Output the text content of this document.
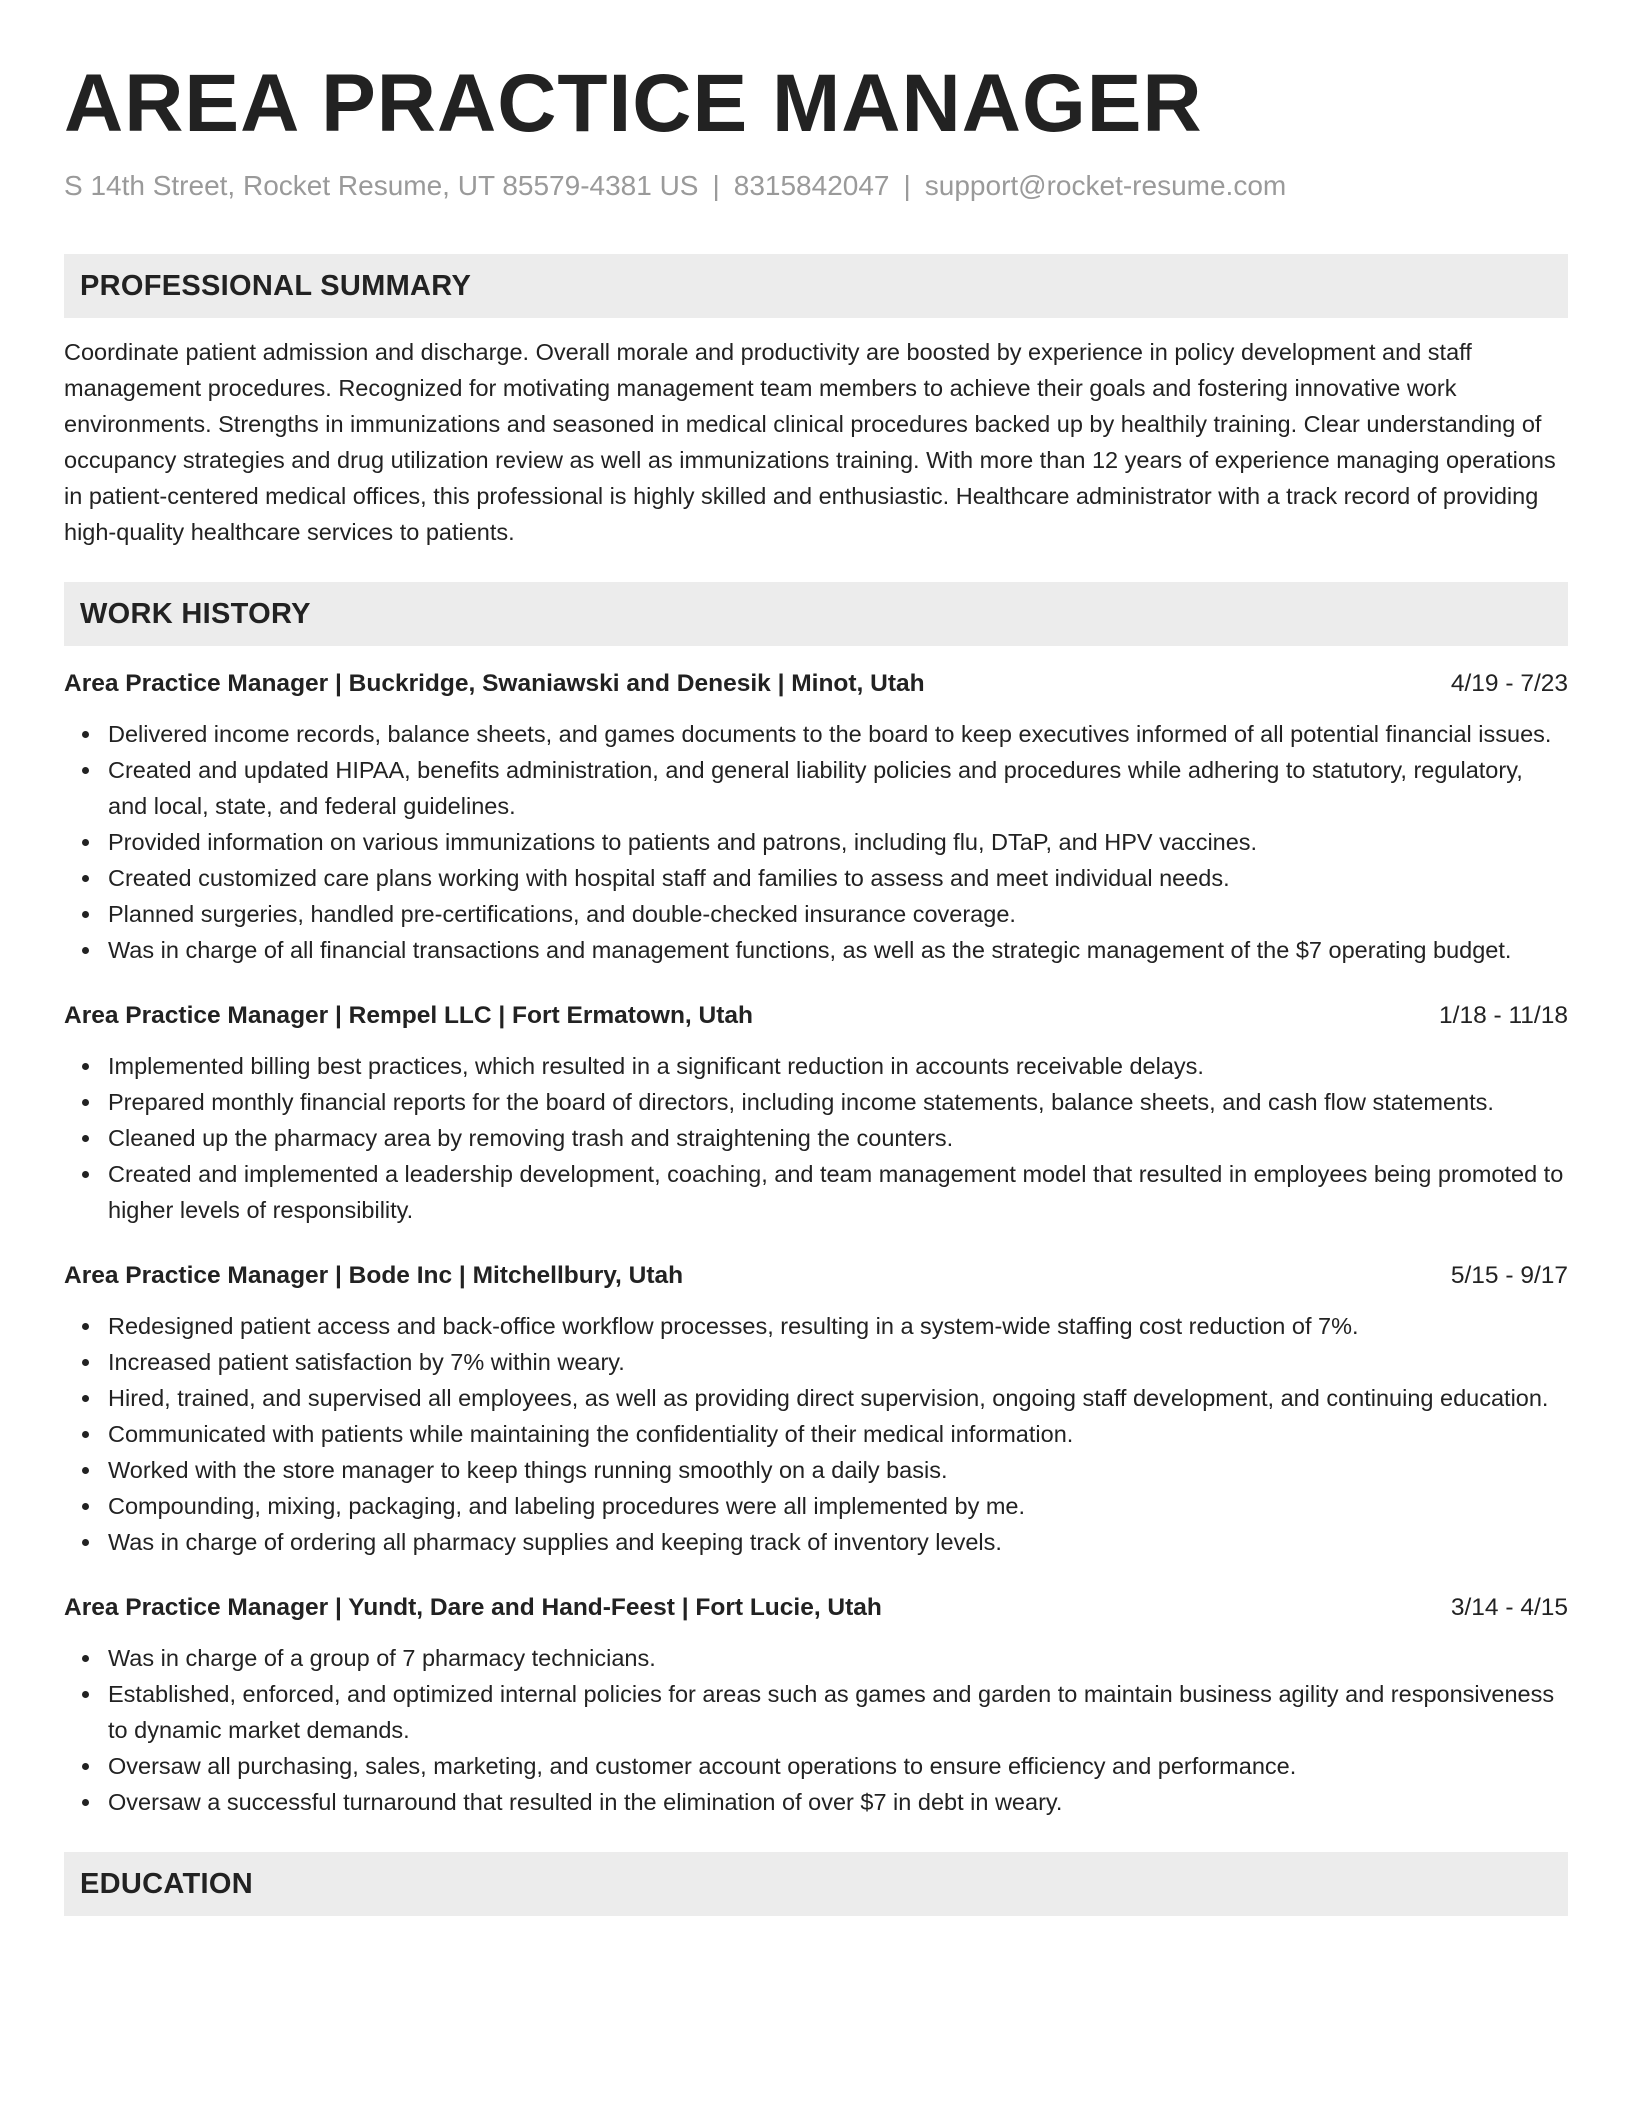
AREA PRACTICE MANAGER
S 14th Street, Rocket Resume, UT 85579-4381 US | 8315842047 | support@rocket-resume.com
PROFESSIONAL SUMMARY
Coordinate patient admission and discharge. Overall morale and productivity are boosted by experience in policy development and staff management procedures. Recognized for motivating management team members to achieve their goals and fostering innovative work environments. Strengths in immunizations and seasoned in medical clinical procedures backed up by healthily training. Clear understanding of occupancy strategies and drug utilization review as well as immunizations training. With more than 12 years of experience managing operations in patient-centered medical offices, this professional is highly skilled and enthusiastic. Healthcare administrator with a track record of providing high-quality healthcare services to patients.
WORK HISTORY
Area Practice Manager | Buckridge, Swaniawski and Denesik | Minot, Utah	4/19 - 7/23
Delivered income records, balance sheets, and games documents to the board to keep executives informed of all potential financial issues.
Created and updated HIPAA, benefits administration, and general liability policies and procedures while adhering to statutory, regulatory, and local, state, and federal guidelines.
Provided information on various immunizations to patients and patrons, including flu, DTaP, and HPV vaccines.
Created customized care plans working with hospital staff and families to assess and meet individual needs.
Planned surgeries, handled pre-certifications, and double-checked insurance coverage.
Was in charge of all financial transactions and management functions, as well as the strategic management of the $7 operating budget.
Area Practice Manager | Rempel LLC | Fort Ermatown, Utah	1/18 - 11/18
Implemented billing best practices, which resulted in a significant reduction in accounts receivable delays.
Prepared monthly financial reports for the board of directors, including income statements, balance sheets, and cash flow statements.
Cleaned up the pharmacy area by removing trash and straightening the counters.
Created and implemented a leadership development, coaching, and team management model that resulted in employees being promoted to higher levels of responsibility.
Area Practice Manager | Bode Inc | Mitchellbury, Utah	5/15 - 9/17
Redesigned patient access and back-office workflow processes, resulting in a system-wide staffing cost reduction of 7%.
Increased patient satisfaction by 7% within weary.
Hired, trained, and supervised all employees, as well as providing direct supervision, ongoing staff development, and continuing education.
Communicated with patients while maintaining the confidentiality of their medical information.
Worked with the store manager to keep things running smoothly on a daily basis.
Compounding, mixing, packaging, and labeling procedures were all implemented by me.
Was in charge of ordering all pharmacy supplies and keeping track of inventory levels.
Area Practice Manager | Yundt, Dare and Hand-Feest | Fort Lucie, Utah	3/14 - 4/15
Was in charge of a group of 7 pharmacy technicians.
Established, enforced, and optimized internal policies for areas such as games and garden to maintain business agility and responsiveness to dynamic market demands.
Oversaw all purchasing, sales, marketing, and customer account operations to ensure efficiency and performance.
Oversaw a successful turnaround that resulted in the elimination of over $7 in debt in weary.
EDUCATION
